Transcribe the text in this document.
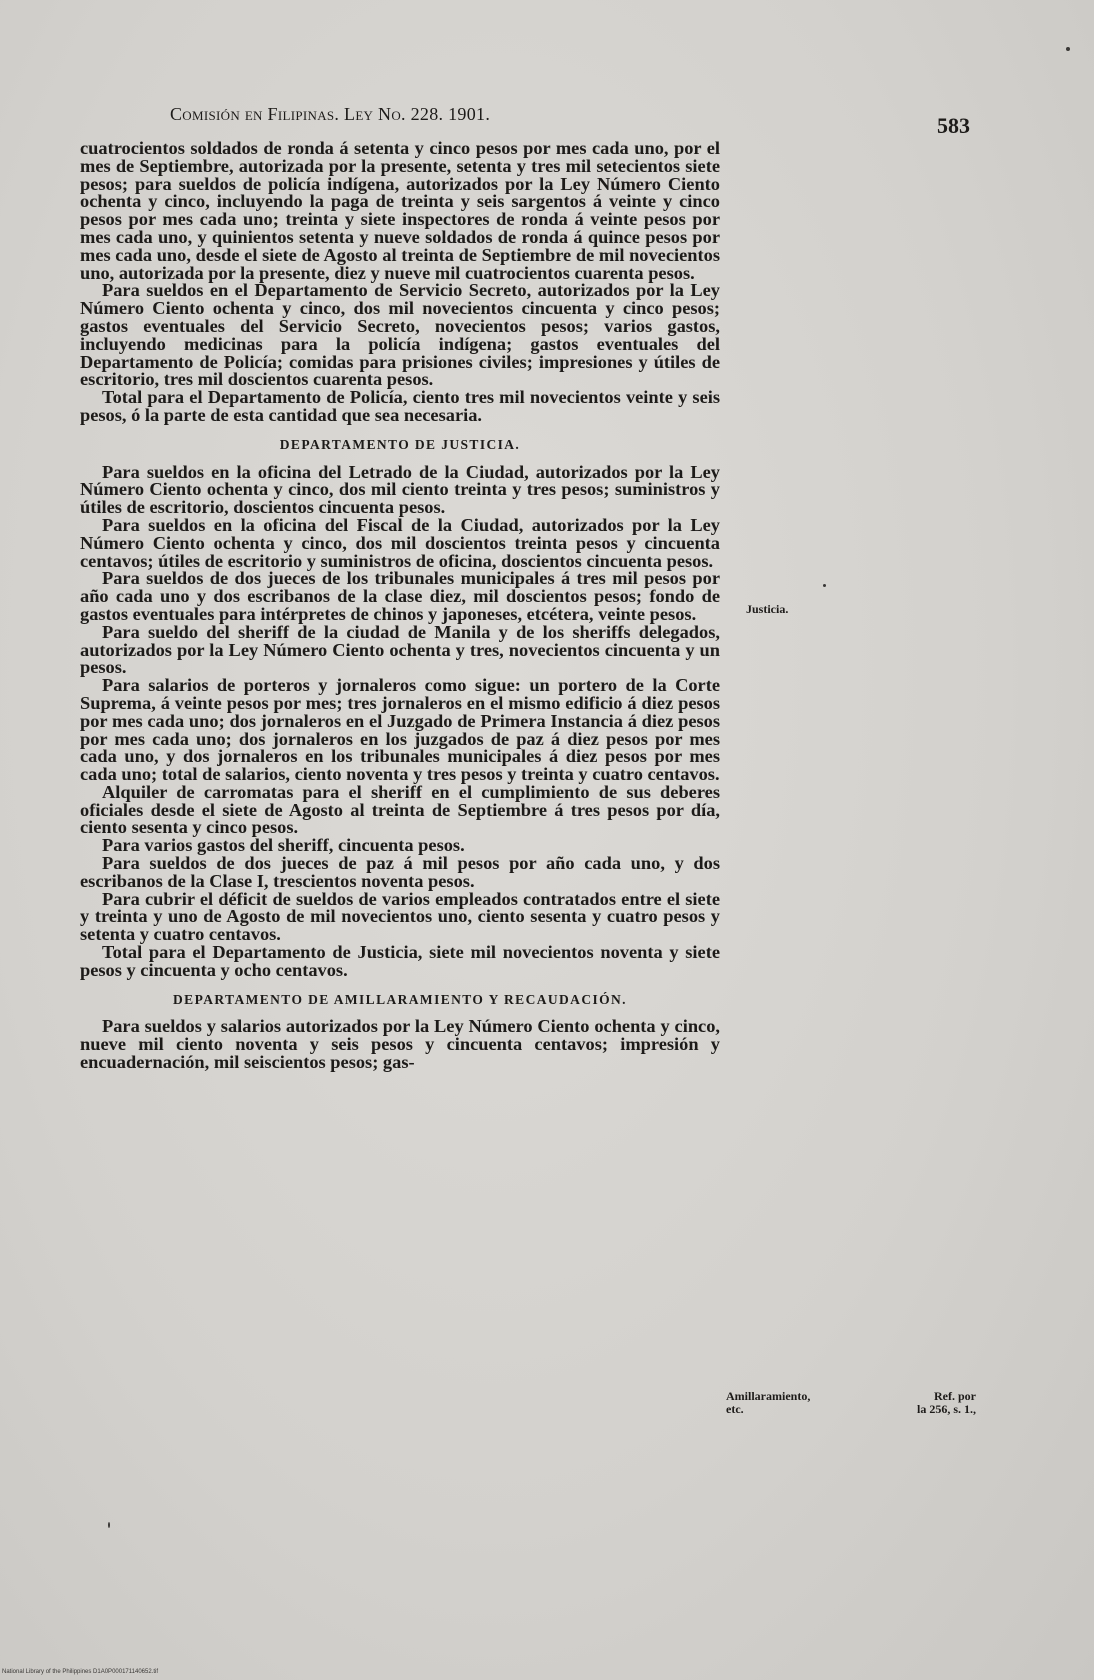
Comisión en Filipinas. Ley No. 228. 1901.	583

cuatrocientos soldados de ronda á setenta y cinco pesos por mes cada uno, por el mes de Septiembre, autorizada por la presente, setenta y tres mil setecientos siete pesos; para sueldos de policía indígena, autorizados por la Ley Número Ciento ochenta y cinco, incluyendo la paga de treinta y seis sargentos á veinte y cinco pesos por mes cada uno; treinta y siete inspectores de ronda á veinte pesos por mes cada uno, y quinientos setenta y nueve soldados de ronda á quince pesos por mes cada uno, desde el siete de Agosto al treinta de Septiembre de mil novecientos uno, autorizada por la presente, diez y nueve mil cuatrocientos cuarenta pesos.

Para sueldos en el Departamento de Servicio Secreto, autorizados por la Ley Número Ciento ochenta y cinco, dos mil novecientos cincuenta y cinco pesos; gastos eventuales del Servicio Secreto, novecientos pesos; varios gastos, incluyendo medicinas para la policía indígena; gastos eventuales del Departamento de Policía; comidas para prisiones civiles; impresiones y útiles de escritorio, tres mil doscientos cuarenta pesos.

Total para el Departamento de Policía, ciento tres mil novecientos veinte y seis pesos, ó la parte de esta cantidad que sea necesaria.

DEPARTAMENTO DE JUSTICIA.

Para sueldos en la oficina del Letrado de la Ciudad, autorizados por la Ley Número Ciento ochenta y cinco, dos mil ciento treinta y tres pesos; suministros y útiles de escritorio, doscientos cincuenta pesos.

Para sueldos en la oficina del Fiscal de la Ciudad, autorizados por la Ley Número Ciento ochenta y cinco, dos mil doscientos treinta pesos y cincuenta centavos; útiles de escritorio y suministros de oficina, doscientos cincuenta pesos.

Para sueldos de dos jueces de los tribunales municipales á tres mil pesos por año cada uno y dos escribanos de la clase diez, mil doscientos pesos; fondo de gastos eventuales para intérpretes de chinos y japoneses, etcétera, veinte pesos.

Para sueldo del sheriff de la ciudad de Manila y de los sheriffs delegados, autorizados por la Ley Número Ciento ochenta y tres, novecientos cincuenta y un pesos.

Para salarios de porteros y jornaleros como sigue: un portero de la Corte Suprema, á veinte pesos por mes; tres jornaleros en el mismo edificio á diez pesos por mes cada uno; dos jornaleros en el Juzgado de Primera Instancia á diez pesos por mes cada uno; dos jornaleros en los juzgados de paz á diez pesos por mes cada uno, y dos jornaleros en los tribunales municipales á diez pesos por mes cada uno; total de salarios, ciento noventa y tres pesos y treinta y cuatro centavos.

Alquiler de carromatas para el sheriff en el cumplimiento de sus deberes oficiales desde el siete de Agosto al treinta de Septiembre á tres pesos por día, ciento sesenta y cinco pesos.

Para varios gastos del sheriff, cincuenta pesos.

Para sueldos de dos jueces de paz á mil pesos por año cada uno, y dos escribanos de la Clase I, trescientos noventa pesos.

Para cubrir el déficit de sueldos de varios empleados contratados entre el siete y treinta y uno de Agosto de mil novecientos uno, ciento sesenta y cuatro pesos y setenta y cuatro centavos.

Total para el Departamento de Justicia, siete mil novecientos noventa y siete pesos y cincuenta y ocho centavos.

DEPARTAMENTO DE AMILLARAMIENTO Y RECAUDACIÓN.

Para sueldos y salarios autorizados por la Ley Número Ciento ochenta y cinco, nueve mil ciento noventa y seis pesos y cincuenta centavos; impresión y encuadernación, mil seiscientos pesos; gas-

Justicia.
Amillaramiento,	Ref. por
etc.	la 256, s. 1.,
National Library of the Philippines D1A0P000171140652.tif
